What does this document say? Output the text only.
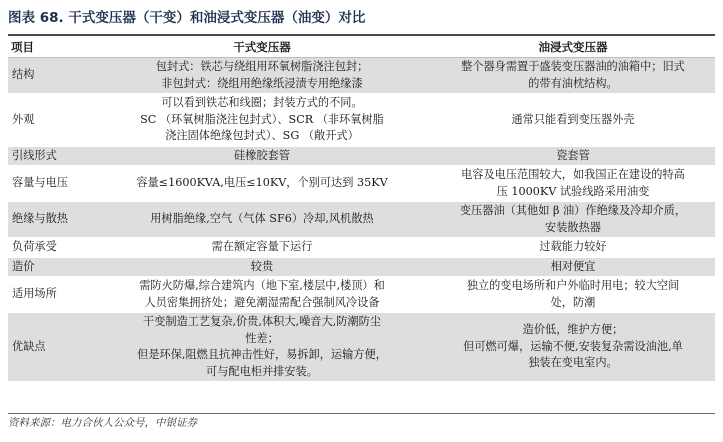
图表 68. 干式变压器（干变）和油浸式变压器（油变）对比
项目	干式变压器	油浸式变压器
结构	包封式：铁芯与绕组用环氧树脂浇注包封；
非包封式：绕组用绝缘纸浸渍专用绝缘漆	整个器身需置于盛装变压器油的油箱中；旧式
的带有油枕结构。

外观	可以看到铁芯和线圈；封装方式的不同。
SC （环氧树脂浇注包封式）、SCR （非环氧树脂
浇注固体绝缘包封式）、SG （敞开式）	通常只能看到变压器外壳

引线形式	硅橡胶套管	瓷套管

容量与电压	容量≤1600KVA,电压≤10KV，个别可达到 35KV	电容及电压范围较大，如我国正在建设的特高
压 1000KV 试验线路采用油变

绝缘与散热	用树脂绝缘,空气（气体 SF6）冷却,风机散热	变压器油（其他如 β 油）作绝缘及冷却介质，
安装散热器

负荷承受	需在额定容量下运行	过载能力较好

造价	较贵	相对便宜

适用场所	需防火防爆,综合建筑内（地下室,楼层中,楼顶）和
人员密集拥挤处；避免潮湿需配合强制风冷设备	独立的变电场所和户外临时用电；较大空间
处，防潮

优缺点	干变制造工艺复杂,价贵,体积大,噪音大,防潮防尘
性差；
但是环保,阻燃且抗神击性好，易拆卸，运输方便，
可与配电柜并排安装。	造价低，维护方便；
但可燃可爆，运输不便,安装复杂需设油池,单
独装在变电室内。
资料来源：电力合伙人公众号，中银证券
